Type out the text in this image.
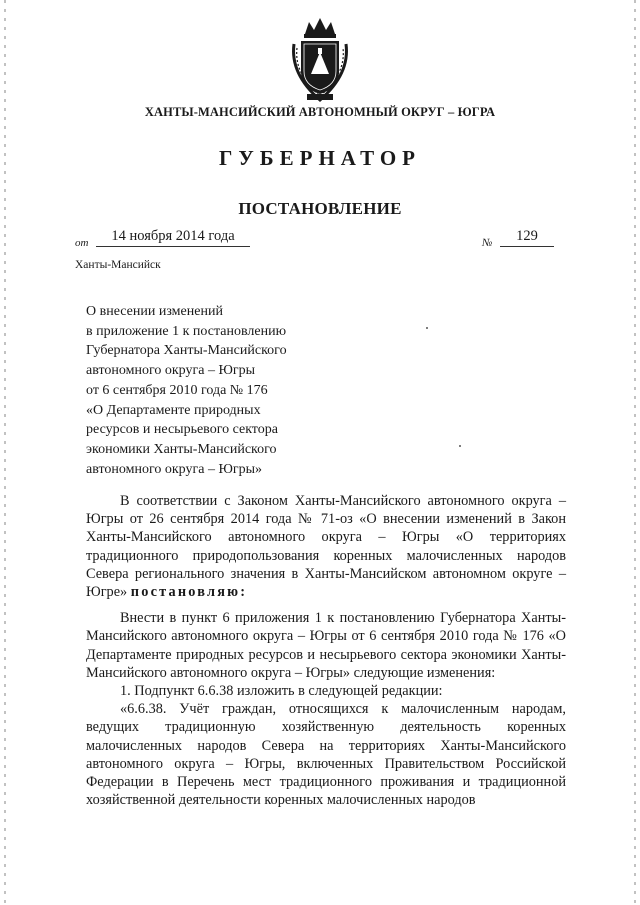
ХАНТЫ-МАНСИЙСКИЙ АВТОНОМНЫЙ ОКРУГ – ЮГРА
ГУБЕРНАТОР
ПОСТАНОВЛЕНИЕ
от	14 ноября 2014 года	№	129
Ханты-Мансийск
О внесении изменений
в приложение 1 к постановлению
Губернатора Ханты-Мансийского
автономного округа – Югры
от 6 сентября 2010 года № 176
«О Департаменте природных
ресурсов и несырьевого сектора
экономики Ханты-Мансийского
автономного округа – Югры»

В соответствии с Законом Ханты-Мансийского автономного округа – Югры от 26 сентября 2014 года № 71-оз «О внесении изменений в Закон Ханты-Мансийского автономного округа – Югры «О территориях традиционного природопользования коренных малочисленных народов Севера регионального значения в Ханты-Мансийском автономном округе – Югре» постановляю:

Внести в пункт 6 приложения 1 к постановлению Губернатора Ханты-Мансийского автономного округа – Югры от 6 сентября 2010 года № 176 «О Департаменте природных ресурсов и несырьевого сектора экономики Ханты-Мансийского автономного округа – Югры» следующие изменения:

1. Подпункт 6.6.38 изложить в следующей редакции:

«6.6.38. Учёт граждан, относящихся к малочисленным народам, ведущих традиционную хозяйственную деятельность коренных малочисленных народов Севера на территориях Ханты-Мансийского автономного округа – Югры, включенных Правительством Российской Федерации в Перечень мест традиционного проживания и традиционной хозяйственной деятельности коренных малочисленных народов
